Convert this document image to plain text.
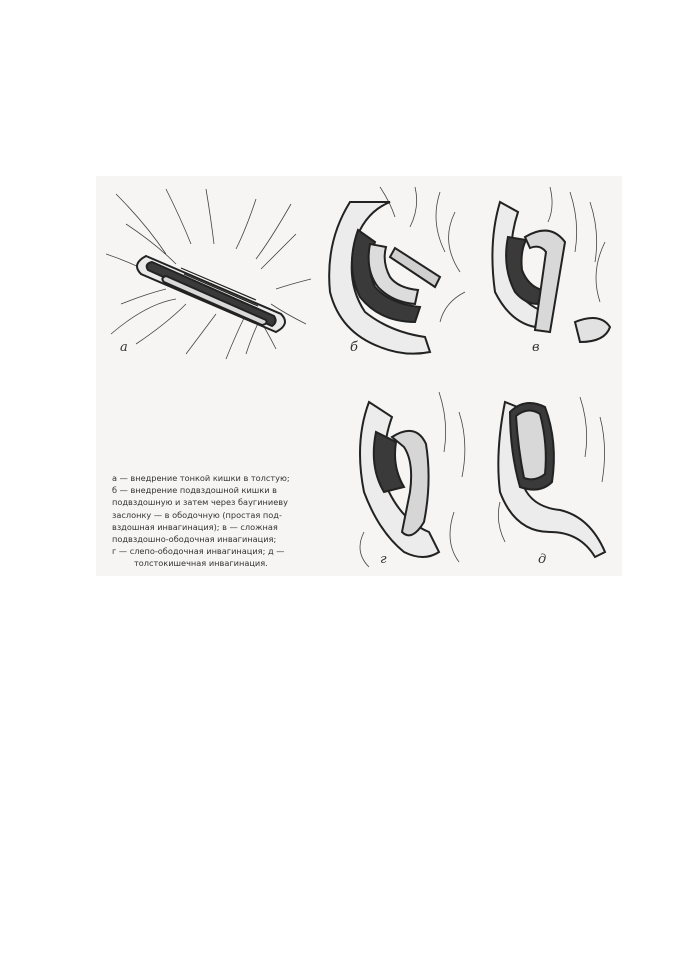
а	б	в
г	д
а — внедрение тонкой кишки в толстую;
б — внедрение подвздошной кишки в
подвздошную и затем через баугиниеву
заслонку — в ободочную (простая под-
вздошная инвагинация); в — сложная
подвздошно-ободочная инвагинация;
г — слепо-ободочная инвагинация; д —
толстокишечная инвагинация.
